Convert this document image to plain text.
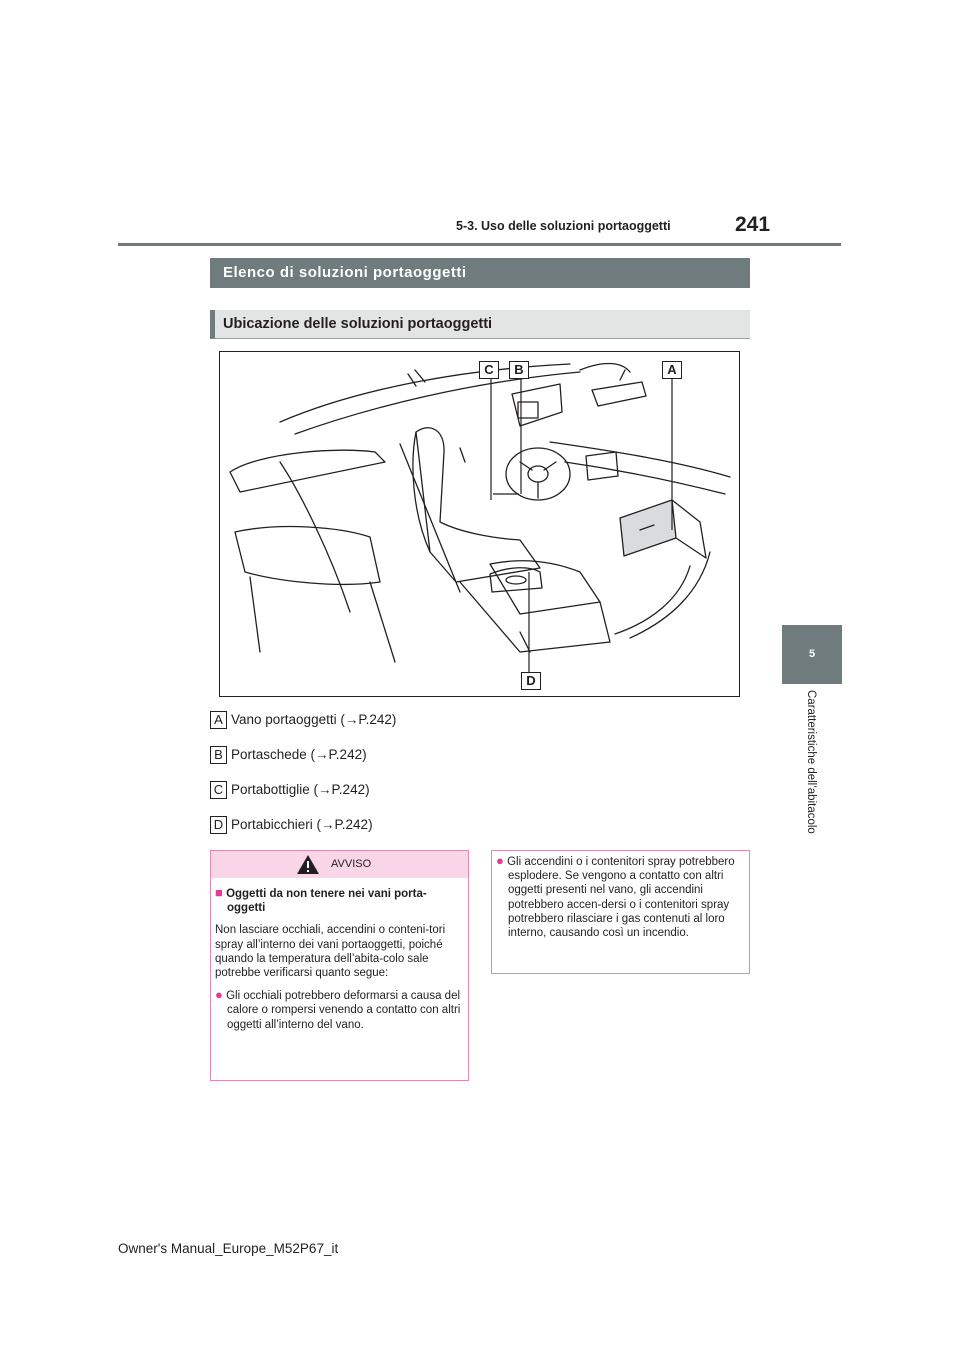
5-3. Uso delle soluzioni portaoggetti	241
Elenco di soluzioni portaoggetti
Ubicazione delle soluzioni portaoggetti
C	B	A
D
A Vano portaoggetti (→P.242)
B Portaschede (→P.242)
C Portabottiglie (→P.242)
D Portabicchieri (→P.242)
AVVISO

■ Oggetti da non tenere nei vani porta-oggetti

Non lasciare occhiali, accendini o conteni-tori spray all’interno dei vani portaoggetti, poiché quando la temperatura dell’abita-colo sale potrebbe verificarsi quanto segue:

● Gli occhiali potrebbero deformarsi a causa del calore o rompersi venendo a contatto con altri oggetti all’interno del vano.

● Gli accendini o i contenitori spray potrebbero esplodere. Se vengono a contatto con altri oggetti presenti nel vano, gli accendini potrebbero accen-dersi o i contenitori spray potrebbero rilasciare i gas contenuti al loro interno, causando così un incendio.

5
Caratteristiche dell’abitacolo
Owner's Manual_Europe_M52P67_it
